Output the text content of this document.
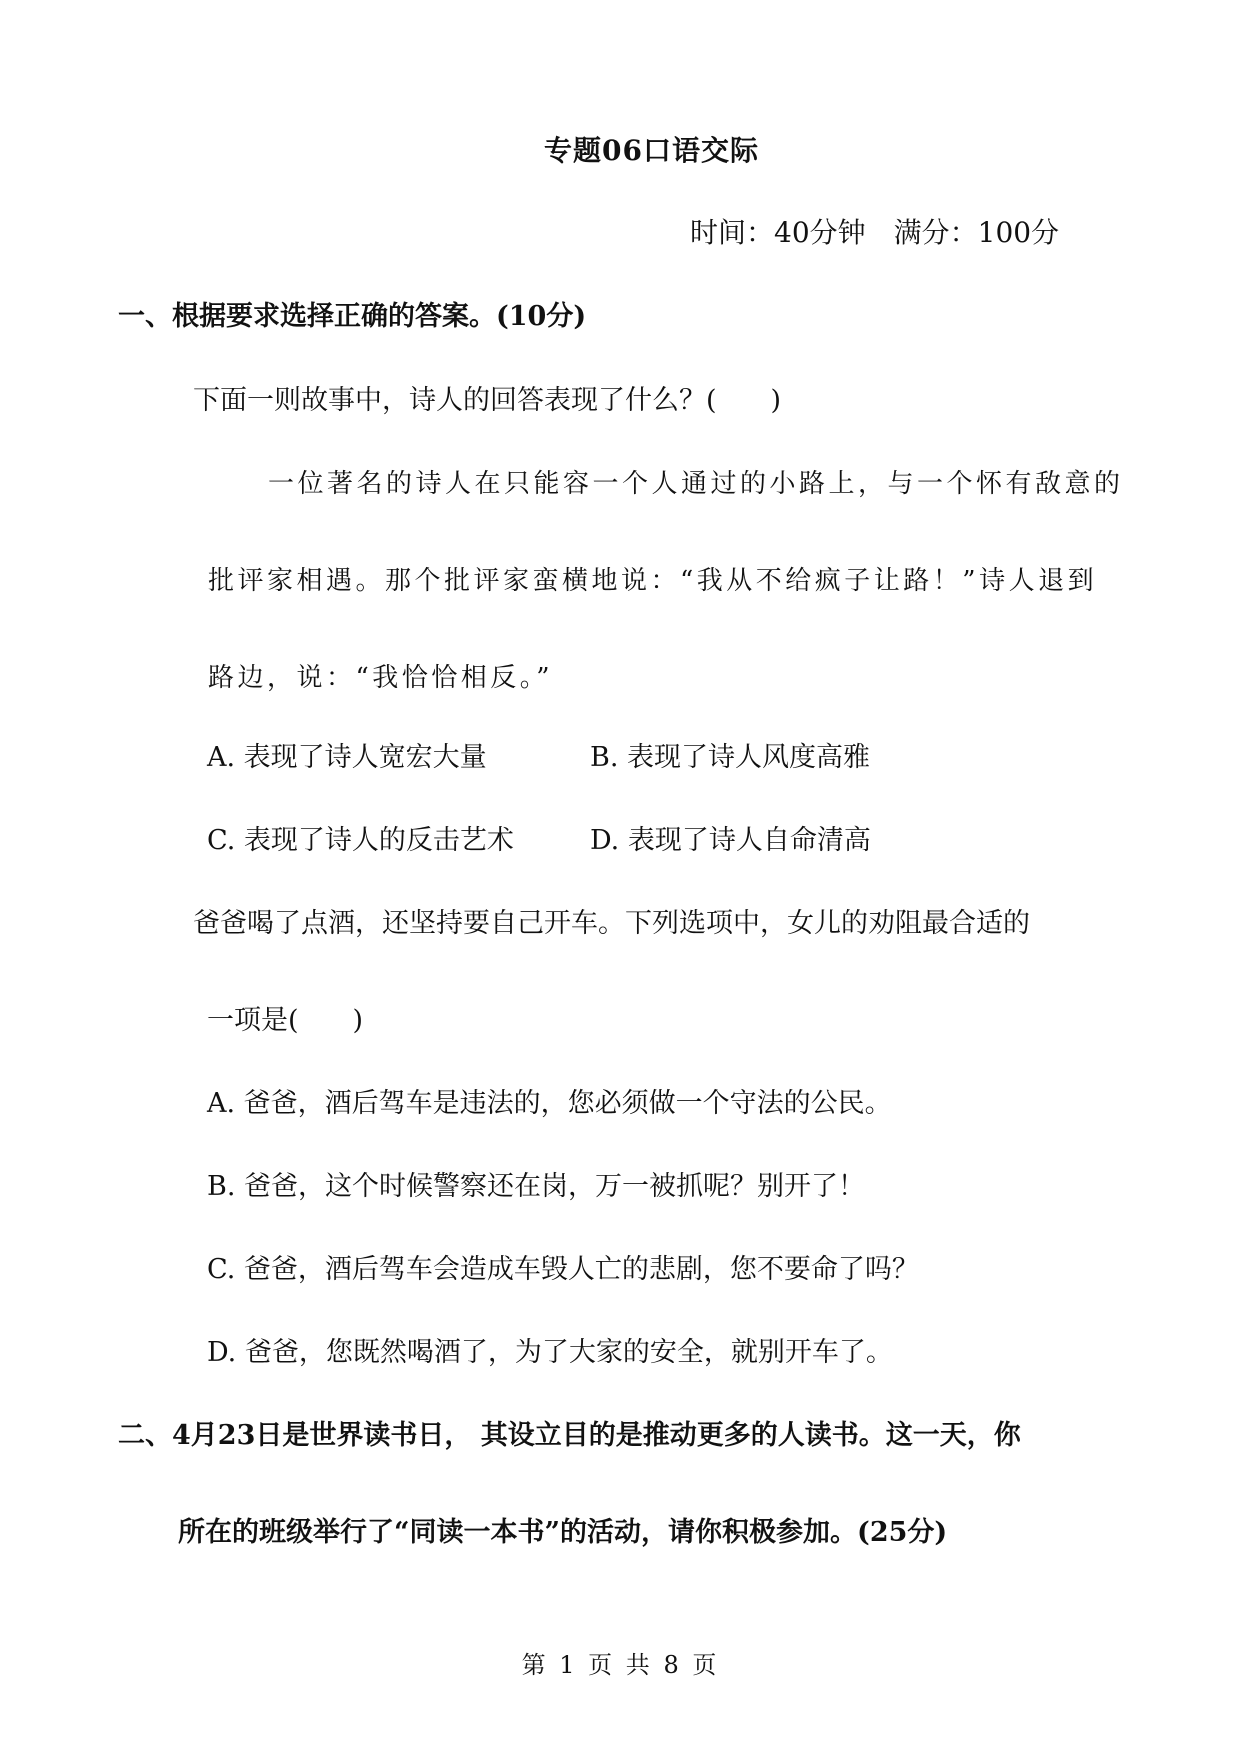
专题06口语交际
时间：40分钟 满分：100分
一、根据要求选择正确的答案。(10分)
下面一则故事中，诗人的回答表现了什么？(　　)
一位著名的诗人在只能容一个人通过的小路上，与一个怀有敌意的
批评家相遇。那个批评家蛮横地说：“我从不给疯子让路！”诗人退到
路边，说：“我恰恰相反。”
A. 表现了诗人宽宏大量	B. 表现了诗人风度高雅
C. 表现了诗人的反击艺术	D. 表现了诗人自命清高
爸爸喝了点酒，还坚持要自己开车。下列选项中，女儿的劝阻最合适的
一项是(　　)
A. 爸爸，酒后驾车是违法的，您必须做一个守法的公民。
B. 爸爸，这个时候警察还在岗，万一被抓呢？别开了！
C. 爸爸，酒后驾车会造成车毁人亡的悲剧，您不要命了吗？
D. 爸爸，您既然喝酒了，为了大家的安全，就别开车了。
二、4月23日是世界读书日， 其设立目的是推动更多的人读书。这一天，你
所在的班级举行了“同读一本书”的活动，请你积极参加。(25分)
第 1 页 共 8 页
